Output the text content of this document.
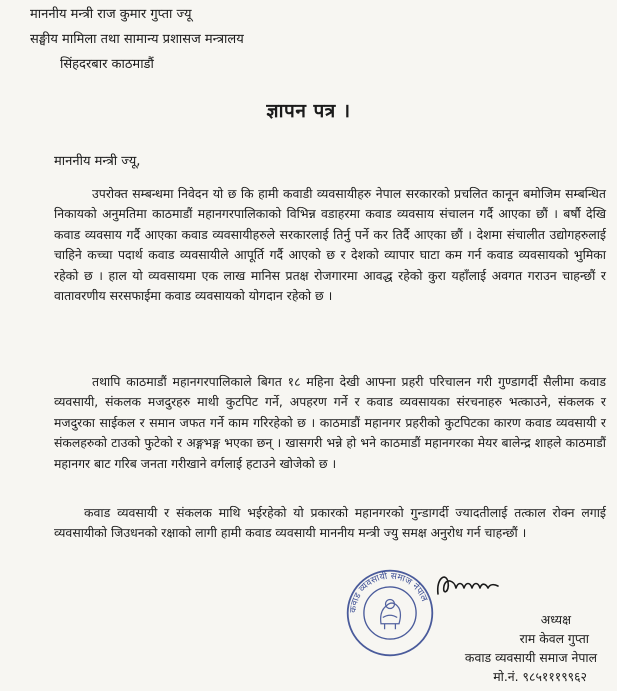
माननीय मन्त्री राज कुमार गुप्ता ज्यू
सङ्घीय मामिला तथा सामान्य प्रशासज मन्त्रालय
सिंहदरबार काठमाडौं
ज्ञापन पत्र ।
माननीय मन्त्री ज्यू,

उपरोक्त सम्बन्धमा निवेदन यो छ कि हामी कवाडी व्यवसायीहरु नेपाल सरकारको प्रचलित कानून बमोजिम सम्बन्धित निकायको अनुमतिमा काठमाडौं महानगरपालिकाको विभिन्न वडाहरमा कवाड व्यवसाय संचालन गर्दै आएका छौं । बर्षौ देखि कवाड व्यवसाय गर्दै आएका कवाड व्यवसायीहरुले सरकारलाई तिर्नु पर्ने कर तिर्दै आएका छौं । देशमा संचालीत उद्योगहरुलाई चाहिने कच्चा पदार्थ कवाड व्यवसायीले आपूर्ति गर्दै आएको छ र देशको व्यापार घाटा कम गर्न कवाड व्यवसायको भुमिका रहेको छ । हाल यो व्यवसायमा एक लाख मानिस प्रतक्ष रोजगारमा आवद्ध रहेको कुरा यहाँलाई अवगत गराउन चाहन्छौं र वातावरणीय सरसफाईमा कवाड व्यवसायको योगदान रहेको छ ।

तथापि काठमाडौं महानगरपालिकाले बिगत १८ महिना देखी आफ्ना प्रहरी परिचालन गरी गुण्डागर्दी सैलीमा कवाड व्यवसायी, संकलक मजदुरहरु माथी कुटपिट गर्ने, अपहरण गर्ने र कवाड व्यवसायका संरचनाहरु भत्काउने, संकलक र मजदुरका साईकल र समान जफत गर्ने काम गरिरहेको छ । काठमाडौं महानगर प्रहरीको कुटपिटका कारण कवाड व्यवसायी र संकलहरुको टाउको फुटेको र अङ्गभङ्ग भएका छन् । खासगरी भन्ने हो भने काठमाडौं महानगरका मेयर बालेन्द्र शाहले काठमाडौं महानगर बाट गरिब जनता गरीखाने वर्गलाई हटाउने खोजेको छ ।

कवाड व्यवसायी र संकलक माथि भईरहेको यो प्रकारको महानगरको गुन्डागर्दी ज्यादतीलाई तत्काल रोक्न लगाई व्यवसायीको जिउधनको रक्षाको लागी हामी कवाड व्यवसायी माननीय मन्त्री ज्यु समक्ष अनुरोध गर्न चाहन्छौं ।

कवाड व्यवसायी समाज नेपाल
अध्यक्ष
राम केवल गुप्ता
कवाड व्यवसायी समाज नेपाल
मो.नं. ९८५१११९९६२
